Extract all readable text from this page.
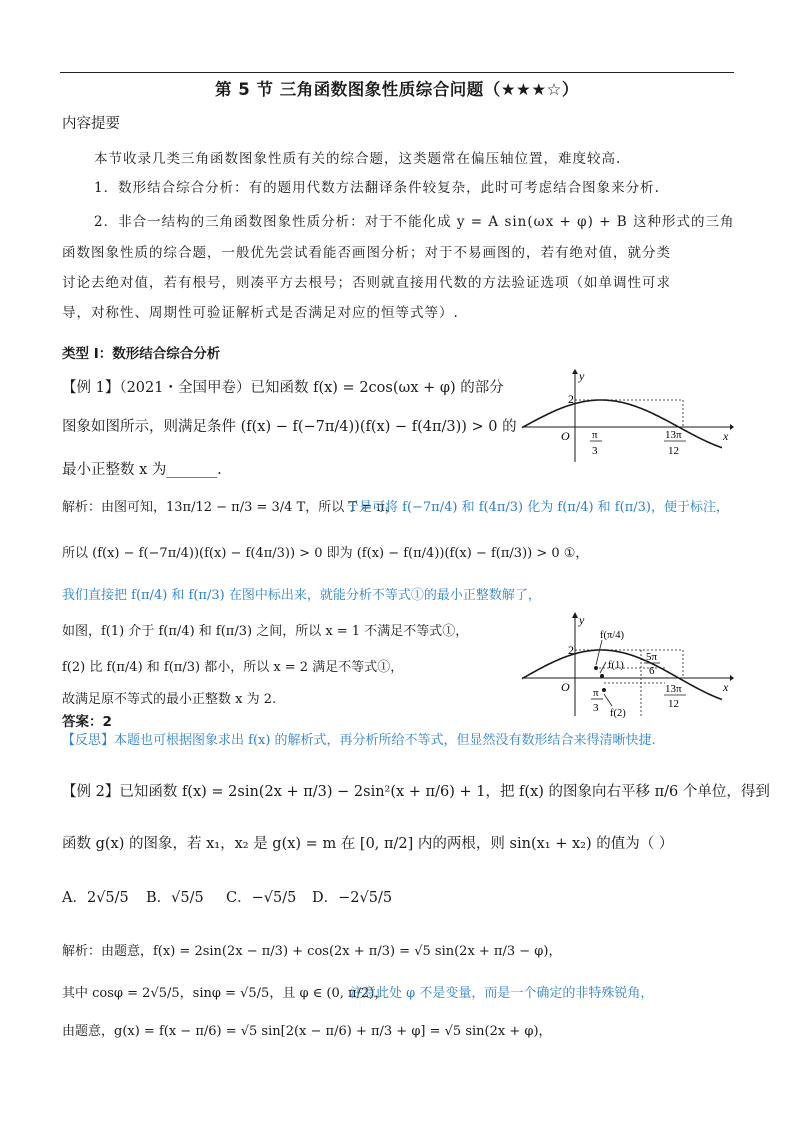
第 5 节 三角函数图象性质综合问题（★★★☆）
内容提要
本节收录几类三角函数图象性质有关的综合题，这类题常在偏压轴位置，难度较高.
1．数形结合综合分析：有的题用代数方法翻译条件较复杂，此时可考虑结合图象来分析.
2．非合一结构的三角函数图象性质分析：对于不能化成 y = A sin(ωx + φ) + B 这种形式的三角
函数图象性质的综合题，一般优先尝试看能否画图分析；对于不易画图的，若有绝对值，就分类
讨论去绝对值，若有根号，则凑平方去根号；否则就直接用代数的方法验证选项（如单调性可求
导，对称性、周期性可验证解析式是否满足对应的恒等式等）.
类型 I：数形结合综合分析
【例 1】（2021・全国甲卷）已知函数 f(x) = 2cos(ωx + φ) 的部分
图象如图所示，则满足条件 (f(x) − f(−7π/4))(f(x) − f(4π/3)) > 0 的
最小正整数 x 为_______.
2
y
x
O π
3
13π
12
解析：由图可知，13π/12 − π/3 = 3/4 T，所以 T = π，
于是可将 f(−7π/4) 和 f(4π/3) 化为 f(π/4) 和 f(π/3)，便于标注，
所以 (f(x) − f(−7π/4))(f(x) − f(4π/3)) > 0 即为 (f(x) − f(π/4))(f(x) − f(π/3)) > 0 ①，
我们直接把 f(π/4) 和 f(π/3) 在图中标出来，就能分析不等式①的最小正整数解了，
如图，f(1) 介于 f(π/4) 和 f(π/3) 之间，所以 x = 1 不满足不等式①，
f(2) 比 f(π/4) 和 f(π/3) 都小，所以 x = 2 满足不等式①，
故满足原不等式的最小正整数 x 为 2.
答案：2
【反思】本题也可根据图象求出 f(x) 的解析式，再分析所给不等式，但显然没有数形结合来得清晰快捷.
2
y
x
O
f(π/4)
f(1)
f(2)
π
3
5π
6
13π
12
【例 2】已知函数 f(x) = 2sin(2x + π/3) − 2sin²(x + π/6) + 1，把 f(x) 的图象向右平移 π/6 个单位，得到
函数 g(x) 的图象，若 x₁，x₂ 是 g(x) = m 在 [0, π/2] 内的两根，则 sin(x₁ + x₂) 的值为（ ）
A．2√5/5 B．√5/5 C．−√5/5 D．−2√5/5
解析：由题意，f(x) = 2sin(2x − π/3) + cos(2x + π/3) = √5 sin(2x + π/3 − φ)，
其中 cosφ = 2√5/5，sinφ = √5/5，且 φ ∈ (0, π/2)，
注意此处 φ 不是变量，而是一个确定的非特殊锐角，
由题意，g(x) = f(x − π/6) = √5 sin[2(x − π/6) + π/3 + φ] = √5 sin(2x + φ)，
